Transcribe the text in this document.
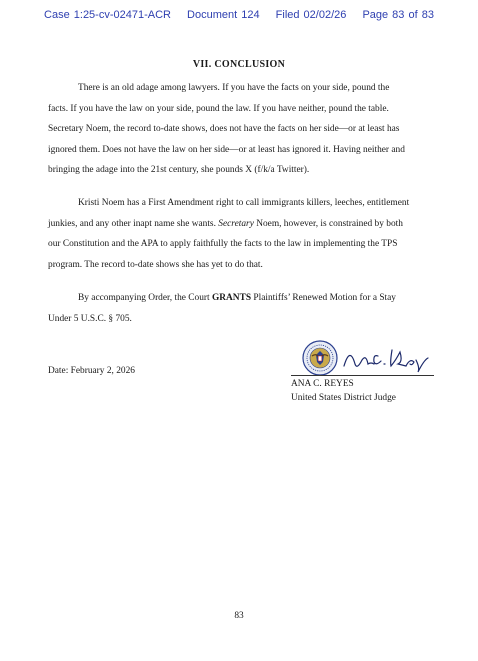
Case 1:25-cv-02471-ACR Document 124 Filed 02/02/26 Page 83 of 83
VII. CONCLUSION
There is an old adage among lawyers. If you have the facts on your side, pound the
facts. If you have the law on your side, pound the law. If you have neither, pound the table.
Secretary Noem, the record to-date shows, does not have the facts on her side—or at least has
ignored them. Does not have the law on her side—or at least has ignored it. Having neither and
bringing the adage into the 21st century, she pounds X (f/k/a Twitter).
Kristi Noem has a First Amendment right to call immigrants killers, leeches, entitlement
junkies, and any other inapt name she wants. Secretary Noem, however, is constrained by both
our Constitution and the APA to apply faithfully the facts to the law in implementing the TPS
program. The record to-date shows she has yet to do that.
By accompanying Order, the Court GRANTS Plaintiffs’ Renewed Motion for a Stay
Under 5 U.S.C. § 705.
Date: February 2, 2026
ANA C. REYES
United States District Judge
83
